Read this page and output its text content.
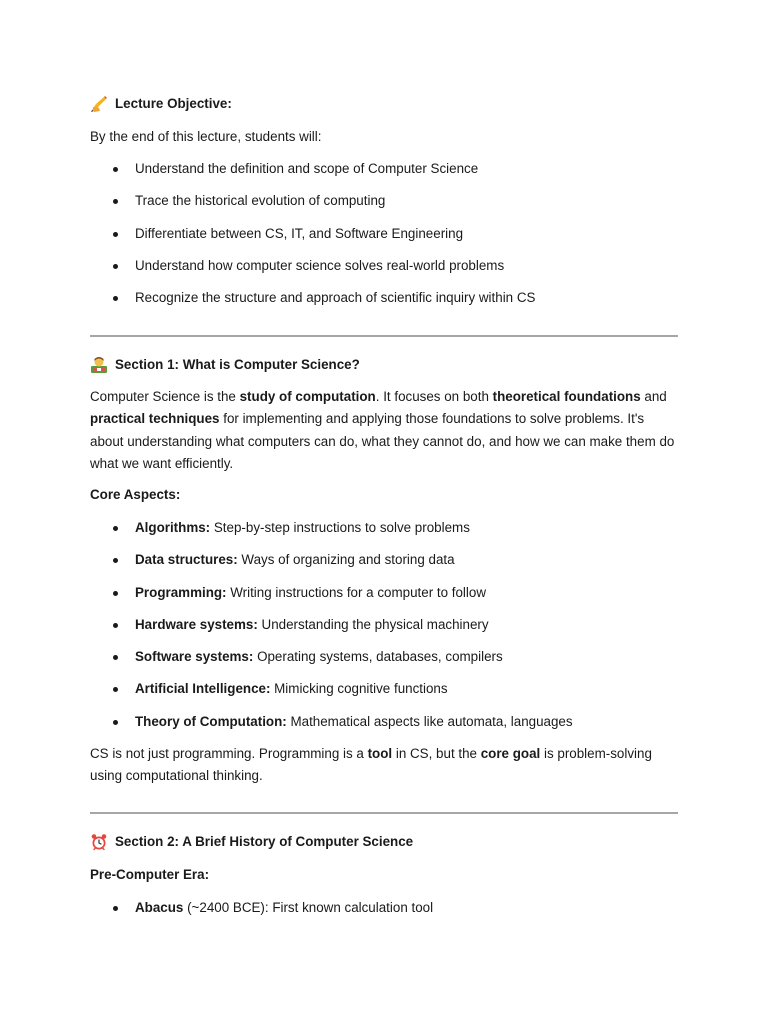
Lecture Objective:

By the end of this lecture, students will:

Understand the definition and scope of Computer Science
Trace the historical evolution of computing
Differentiate between CS, IT, and Software Engineering
Understand how computer science solves real-world problems
Recognize the structure and approach of scientific inquiry within CS
Section 1: What is Computer Science?

Computer Science is the study of computation. It focuses on both theoretical foundations and practical techniques for implementing and applying those foundations to solve problems. It's about understanding what computers can do, what they cannot do, and how we can make them do what we want efficiently.

Core Aspects:
Algorithms: Step-by-step instructions to solve problems
Data structures: Ways of organizing and storing data
Programming: Writing instructions for a computer to follow
Hardware systems: Understanding the physical machinery
Software systems: Operating systems, databases, compilers
Artificial Intelligence: Mimicking cognitive functions
Theory of Computation: Mathematical aspects like automata, languages

CS is not just programming. Programming is a tool in CS, but the core goal is problem-solving using computational thinking.

Section 2: A Brief History of Computer Science
Pre-Computer Era:
Abacus (~2400 BCE): First known calculation tool
